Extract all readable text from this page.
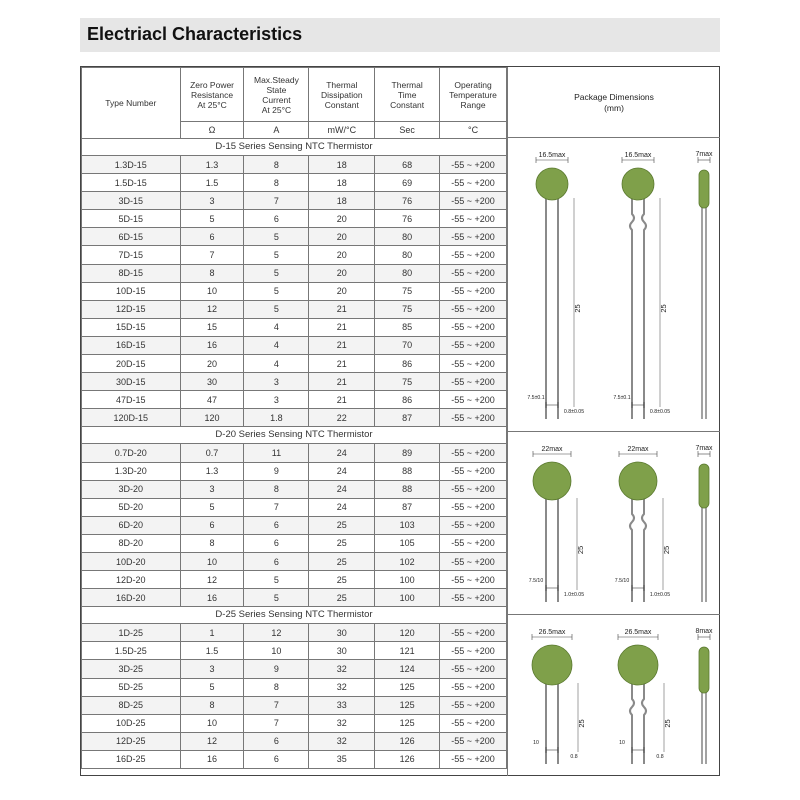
Electriacl Characteristics
Type Number	Zero Power
Resistance
At 25°C	Max.Steady
State
Current
At 25°C	Thermal
Dissipation
Constant	Thermal
Time
Constant	Operating
Temperature
Range
	Ω	A	mW/°C	Sec	°C
D-15 Series Sensing NTC Thermistor					
1.3D-15	1.3	8	18	68	-55 ~ +200
1.5D-15	1.5	8	18	69	-55 ~ +200
3D-15	3	7	18	76	-55 ~ +200
5D-15	5	6	20	76	-55 ~ +200
6D-15	6	5	20	80	-55 ~ +200
7D-15	7	5	20	80	-55 ~ +200
8D-15	8	5	20	80	-55 ~ +200
10D-15	10	5	20	75	-55 ~ +200
12D-15	12	5	21	75	-55 ~ +200
15D-15	15	4	21	85	-55 ~ +200
16D-15	16	4	21	70	-55 ~ +200
20D-15	20	4	21	86	-55 ~ +200
30D-15	30	3	21	75	-55 ~ +200
47D-15	47	3	21	86	-55 ~ +200
120D-15	120	1.8	22	87	-55 ~ +200
D-20 Series Sensing NTC Thermistor					
0.7D-20	0.7	11	24	89	-55 ~ +200
1.3D-20	1.3	9	24	88	-55 ~ +200
3D-20	3	8	24	88	-55 ~ +200
5D-20	5	7	24	87	-55 ~ +200
6D-20	6	6	25	103	-55 ~ +200
8D-20	8	6	25	105	-55 ~ +200
10D-20	10	6	25	102	-55 ~ +200
12D-20	12	5	25	100	-55 ~ +200
16D-20	16	5	25	100	-55 ~ +200
D-25 Series Sensing NTC Thermistor					
1D-25	1	12	30	120	-55 ~ +200
1.5D-25	1.5	10	30	121	-55 ~ +200
3D-25	3	9	32	124	-55 ~ +200
5D-25	5	8	32	125	-55 ~ +200
8D-25	8	7	33	125	-55 ~ +200
10D-25	10	7	32	125	-55 ~ +200
12D-25	12	6	32	126	-55 ~ +200
16D-25	16	6	35	126	-55 ~ +200
Package Dimensions
(mm)
16.5max
25
7.5±0.1
0.8±0.05
16.5max
25
7.5±0.1
0.8±0.05
7max
22max
25
7.5/10
1.0±0.05
22max
25
7.5/10
1.0±0.05
7max
26.5max
25
10
0.8
26.5max
25
10
0.8
8max
